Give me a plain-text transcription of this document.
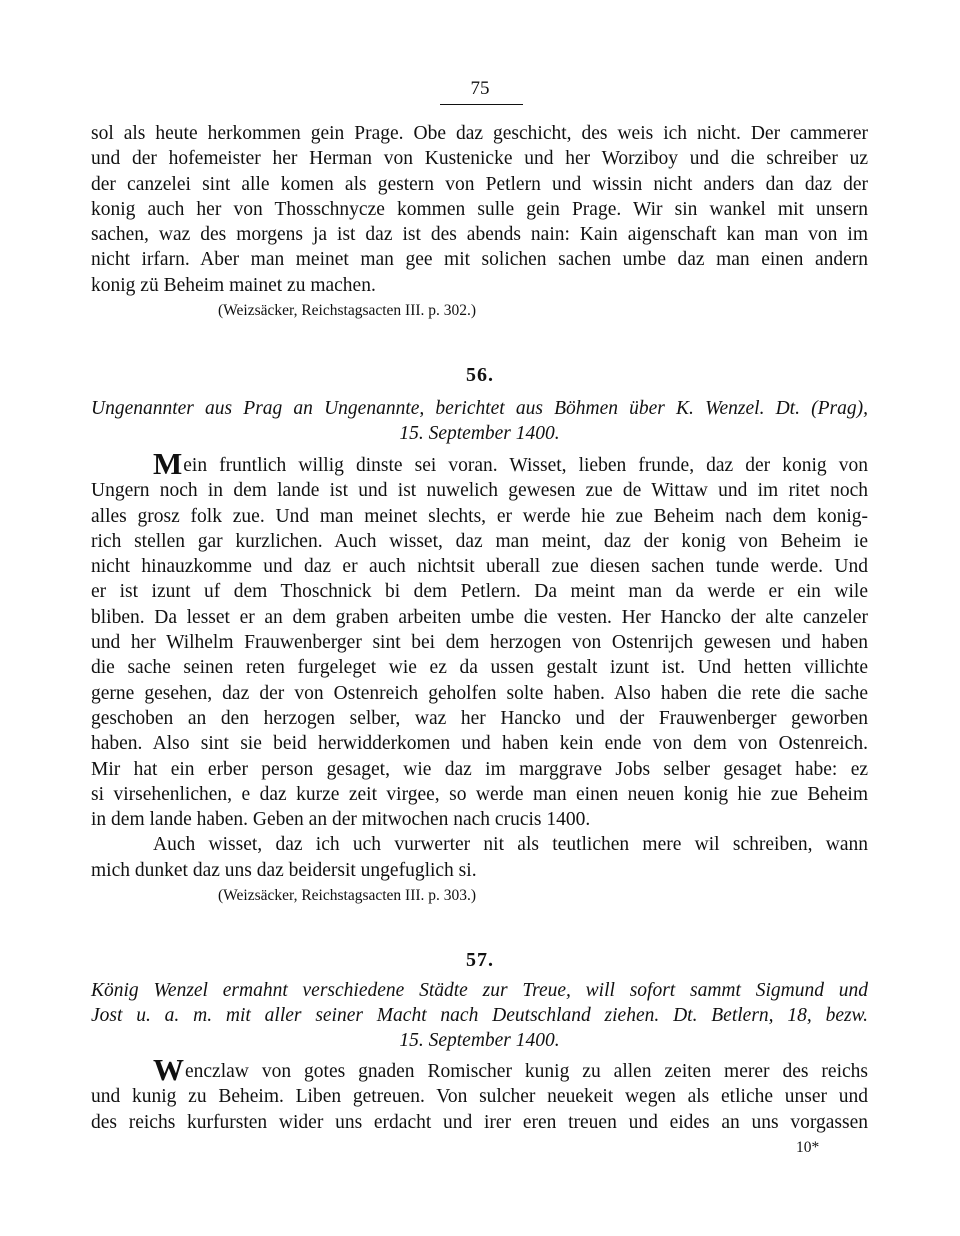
75
sol als heute herkommen gein Prage. Obe daz geschicht, des weis ich nicht. Der cammerer
und der hofemeister her Herman von Kustenicke und her Worziboy und die schreiber uz
der canzelei sint alle komen als gestern von Petlern und wissin nicht anders dan daz der
konig auch her von Thosschnycze kommen sulle gein Prage. Wir sin wankel mit unsern
sachen, waz des morgens ja ist daz ist des abends nain: Kain aigenschaft kan man von im
nicht irfarn. Aber man meinet man gee mit solichen sachen umbe daz man einen andern
konig zü Beheim mainet zu machen.
(Weizsäcker, Reichstagsacten III. p. 302.)
56.
Ungenannter aus Prag an Ungenannte, berichtet aus Böhmen über K. Wenzel. Dt. (Prag),
15. September 1400.
Mein fruntlich willig dinste sei voran. Wisset, lieben frunde, daz der konig von
Ungern noch in dem lande ist und ist nuwelich gewesen zue de Wittaw und im ritet noch
alles grosz folk zue. Und man meinet slechts, er werde hie zue Beheim nach dem konig-
rich stellen gar kurzlichen. Auch wisset, daz man meint, daz der konig von Beheim ie
nicht hinauzkomme und daz er auch nichtsit uberall zue diesen sachen tunde werde. Und
er ist izunt uf dem Thoschnick bi dem Petlern. Da meint man da werde er ein wile
bliben. Da lesset er an dem graben arbeiten umbe die vesten. Her Hancko der alte canzeler
und her Wilhelm Frauwenberger sint bei dem herzogen von Ostenrijch gewesen und haben
die sache seinen reten furgeleget wie ez da ussen gestalt izunt ist. Und hetten villichte
gerne gesehen, daz der von Ostenreich geholfen solte haben. Also haben die rete die sache
geschoben an den herzogen selber, waz her Hancko und der Frauwenberger geworben
haben. Also sint sie beid herwidderkomen und haben kein ende von dem von Ostenreich.
Mir hat ein erber person gesaget, wie daz im marggrave Jobs selber gesaget habe: ez
si virsehenlichen, e daz kurze zeit virgee, so werde man einen neuen konig hie zue Beheim
in dem lande haben. Geben an der mitwochen nach crucis 1400.
Auch wisset, daz ich uch vurwerter nit als teutlichen mere wil schreiben, wann
mich dunket daz uns daz beidersit ungefuglich si.
(Weizsäcker, Reichstagsacten III. p. 303.)
57.
König Wenzel ermahnt verschiedene Städte zur Treue, will sofort sammt Sigmund und
Jost u. a. m. mit aller seiner Macht nach Deutschland ziehen. Dt. Betlern, 18, bezw.
15. September 1400.
Wenczlaw von gotes gnaden Romischer kunig zu allen zeiten merer des reichs
und kunig zu Beheim. Liben getreuen. Von sulcher neuekeit wegen als etliche unser und
des reichs kurfursten wider uns erdacht und irer eren treuen und eides an uns vorgassen
10*
